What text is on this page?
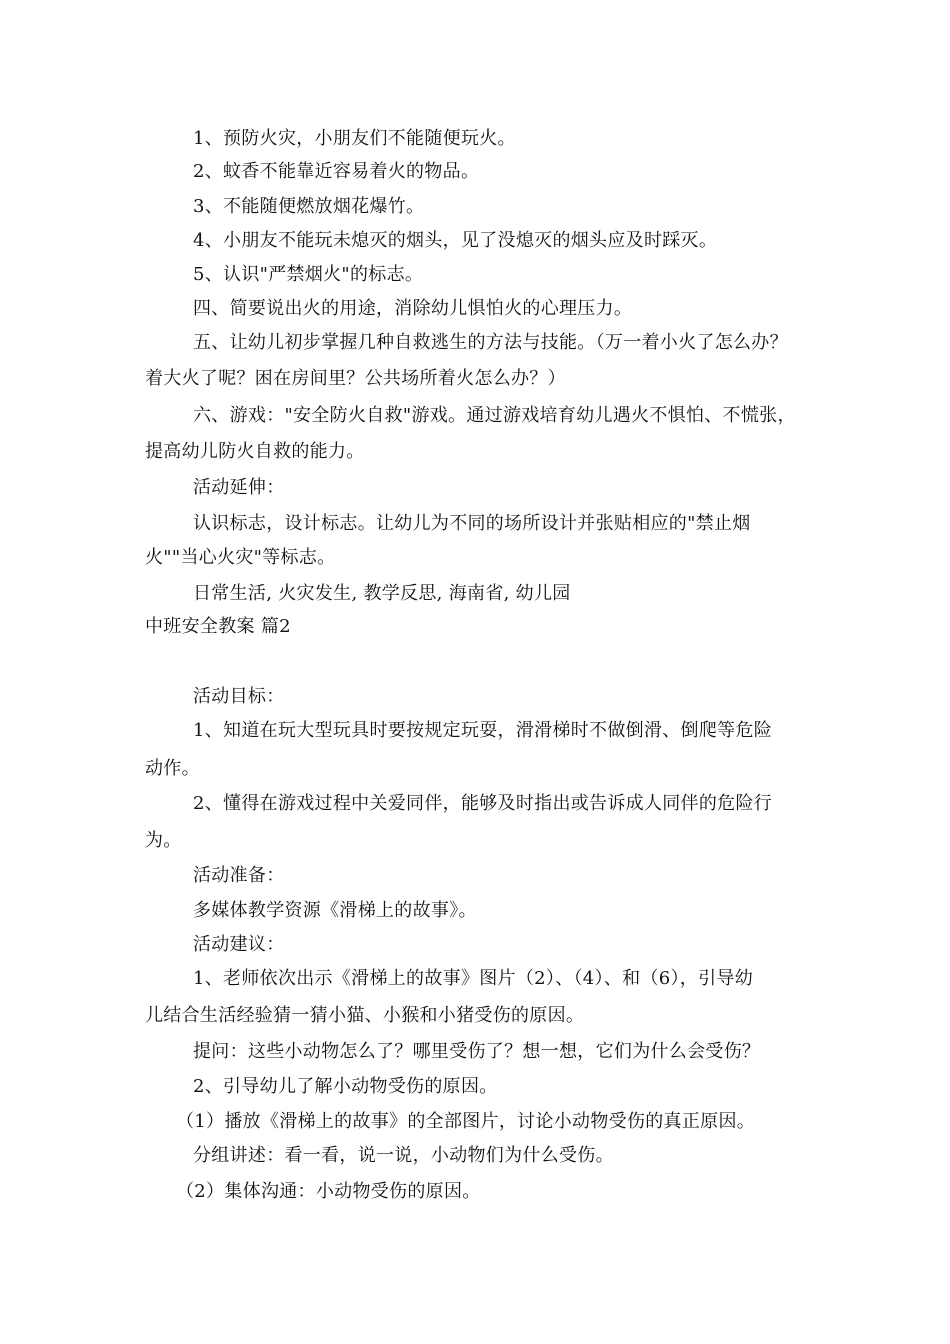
1、预防火灾，小朋友们不能随便玩火。
2、蚊香不能靠近容易着火的物品。
3、不能随便燃放烟花爆竹。
4、小朋友不能玩未熄灭的烟头，见了没熄灭的烟头应及时踩灭。
5、认识"严禁烟火"的标志。
四、简要说出火的用途，消除幼儿惧怕火的心理压力。
五、让幼儿初步掌握几种自救逃生的方法与技能。（万一着小火了怎么办？
着大火了呢？困在房间里？公共场所着火怎么办？）
六、游戏："安全防火自救"游戏。通过游戏培育幼儿遇火不惧怕、不慌张，
提高幼儿防火自救的能力。
活动延伸：
认识标志，设计标志。让幼儿为不同的场所设计并张贴相应的"禁止烟
火""当心火灾"等标志。
日常生活, 火灾发生, 教学反思, 海南省, 幼儿园
中班安全教案 篇2
活动目标：
1、知道在玩大型玩具时要按规定玩耍，滑滑梯时不做倒滑、倒爬等危险
动作。
2、懂得在游戏过程中关爱同伴，能够及时指出或告诉成人同伴的危险行
为。
活动准备：
多媒体教学资源《滑梯上的故事》。
活动建议：
1、老师依次出示《滑梯上的故事》图片（2）、（4）、和（6），引导幼
儿结合生活经验猜一猜小猫、小猴和小猪受伤的原因。
提问：这些小动物怎么了？哪里受伤了？想一想，它们为什么会受伤？
2、引导幼儿了解小动物受伤的原因。
（1）播放《滑梯上的故事》的全部图片，讨论小动物受伤的真正原因。
分组讲述：看一看，说一说，小动物们为什么受伤。
（2）集体沟通：小动物受伤的原因。
